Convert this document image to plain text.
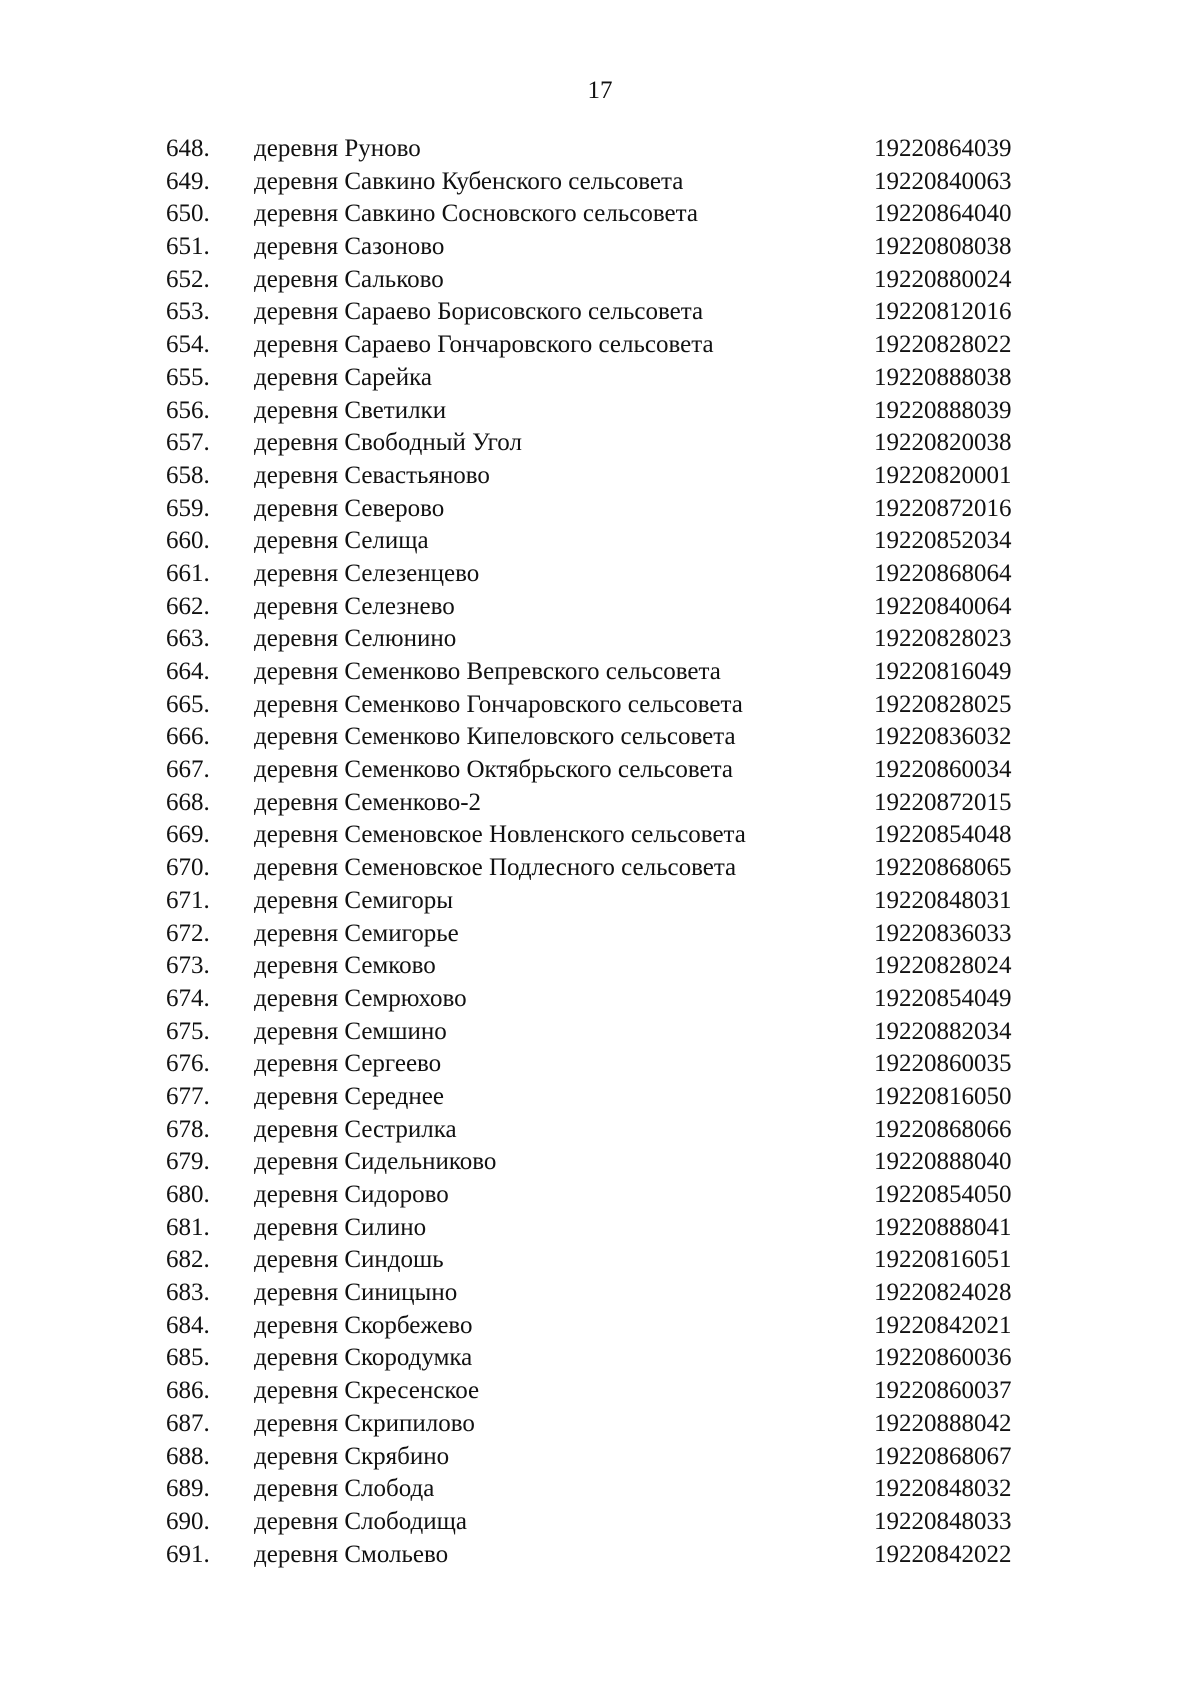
17
648. деревня Руново	19220864039
649. деревня Савкино Кубенского сельсовета	19220840063
650. деревня Савкино Сосновского сельсовета	19220864040
651. деревня Сазоново	19220808038
652. деревня Сальково	19220880024
653. деревня Сараево Борисовского сельсовета	19220812016
654. деревня Сараево Гончаровского сельсовета	19220828022
655. деревня Сарейка	19220888038
656. деревня Светилки	19220888039
657. деревня Свободный Угол	19220820038
658. деревня Севастьяново	19220820001
659. деревня Северово	19220872016
660. деревня Селища	19220852034
661. деревня Селезенцево	19220868064
662. деревня Селезнево	19220840064
663. деревня Селюнино	19220828023
664. деревня Семенково Вепревского сельсовета	19220816049
665. деревня Семенково Гончаровского сельсовета	19220828025
666. деревня Семенково Кипеловского сельсовета	19220836032
667. деревня Семенково Октябрьского сельсовета	19220860034
668. деревня Семенково-2	19220872015
669. деревня Семеновское Новленского сельсовета	19220854048
670. деревня Семеновское Подлесного сельсовета	19220868065
671. деревня Семигоры	19220848031
672. деревня Семигорье	19220836033
673. деревня Семково	19220828024
674. деревня Семрюхово	19220854049
675. деревня Семшино	19220882034
676. деревня Сергеево	19220860035
677. деревня Середнее	19220816050
678. деревня Сестрилка	19220868066
679. деревня Сидельниково	19220888040
680. деревня Сидорово	19220854050
681. деревня Силино	19220888041
682. деревня Синдошь	19220816051
683. деревня Синицыно	19220824028
684. деревня Скорбежево	19220842021
685. деревня Скородумка	19220860036
686. деревня Скресенское	19220860037
687. деревня Скрипилово	19220888042
688. деревня Скрябино	19220868067
689. деревня Слобода	19220848032
690. деревня Слободища	19220848033
691. деревня Смольево	19220842022
